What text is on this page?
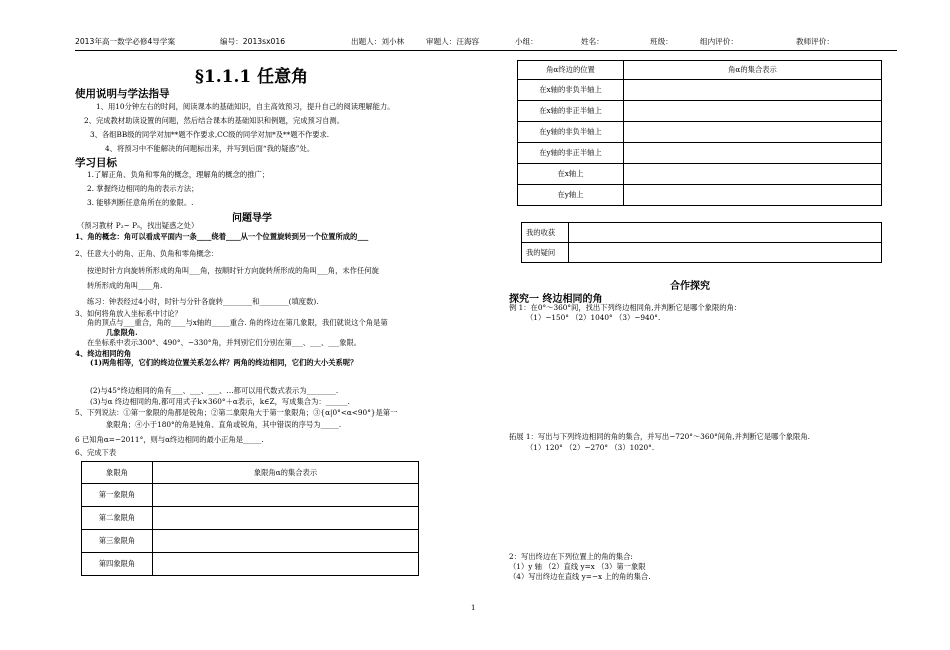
2013年高一数学必修4导学案	编号：2013sx016	出题人：刘小林	审题人：汪海容	小组：	姓名：	班级：	组内评价：	教师评价：
§1.1.1 任意角
使用说明与学法指导
1、用10分钟左右的时间，阅读课本的基础知识，自主高效预习，提升自己的阅读理解能力。
2、完成教材助读设置的问题，然后结合课本的基础知识和例题，完成预习自测。
3、各组BB级的同学对加**题不作要求,CC级的同学对加*及**题不作要求.
4、将预习中不能解决的问题标出来，并写到后面“我的疑惑”处。
学习目标
1.了解正角、负角和零角的概念，理解角的概念的推广；
2. 掌握终边相同的角的表示方法；
3. 能够判断任意角所在的象限。.
问题导学
（预习教材 P₂~ P₅，找出疑惑之处）
1、角的概念：角可以看成平面内一条____绕着____从一个位置旋转到另一个位置所成的___
2、任意大小的角、正角、负角和零角概念：
按逆时针方向旋转所形成的角叫___角，按顺时针方向旋转所形成的角叫___角，未作任何旋
转所形成的角叫____角.
练习：钟表经过4小时，时针与分针各旋转________和________(填度数).
3、如何将角放入坐标系中讨论？
角的顶点与___重合，角的____与x轴的_____重合. 角的终边在第几象限，我们就说这个角是第
几象限角.
在坐标系中表示300°、490°、−330°角，并判别它们分别在第___、___、___象限。
4、终边相同的角
(1)两角相等，它们的终边位置关系怎么样？两角的终边相同，它们的大小关系呢？
(2)与45°终边相同的角有___、___、___、…都可以用代数式表示为________.
(3)与α 终边相同的角,都可用式子k×360°＋α表示，k∈Z，写成集合为：______.
5、下列说法：①第一象限的角都是锐角；②第二象限角大于第一象限角；③{α|0°<α<90°}是第一
象限角；④小于180°的角是钝角、直角或锐角，其中错误的序号为_____.
6 已知角α=−2011°，则与α终边相同的最小正角是_____.
6、完成下表
象限角	象限角α的集合表示
第一象限角	
第二象限角	
第三象限角	
第四象限角	
角α终边的位置	角α的集合表示
在x轴的非负半轴上	
在x轴的非正半轴上	
在y轴的非负半轴上	
在y轴的非正半轴上	
在x轴上	
在y轴上	
我的收获	
我的疑问	
合作探究
探究一 终边相同的角
例 1：在0°～360°间，找出下列终边相同角,并判断它是哪个象限的角：
（1）−150° （2）1040° （3）−940°.
拓展 1：写出与下列终边相同的角的集合，并写出−720°～360°间角,并判断它是哪个象限角.
（1）120° （2）−270° （3）1020°.
2：写出终边在下列位置上的角的集合:
（1）y 轴 （2）直线 y=x （3）第一象限
（4）写出终边在直线 y=−x 上的角的集合.
1
